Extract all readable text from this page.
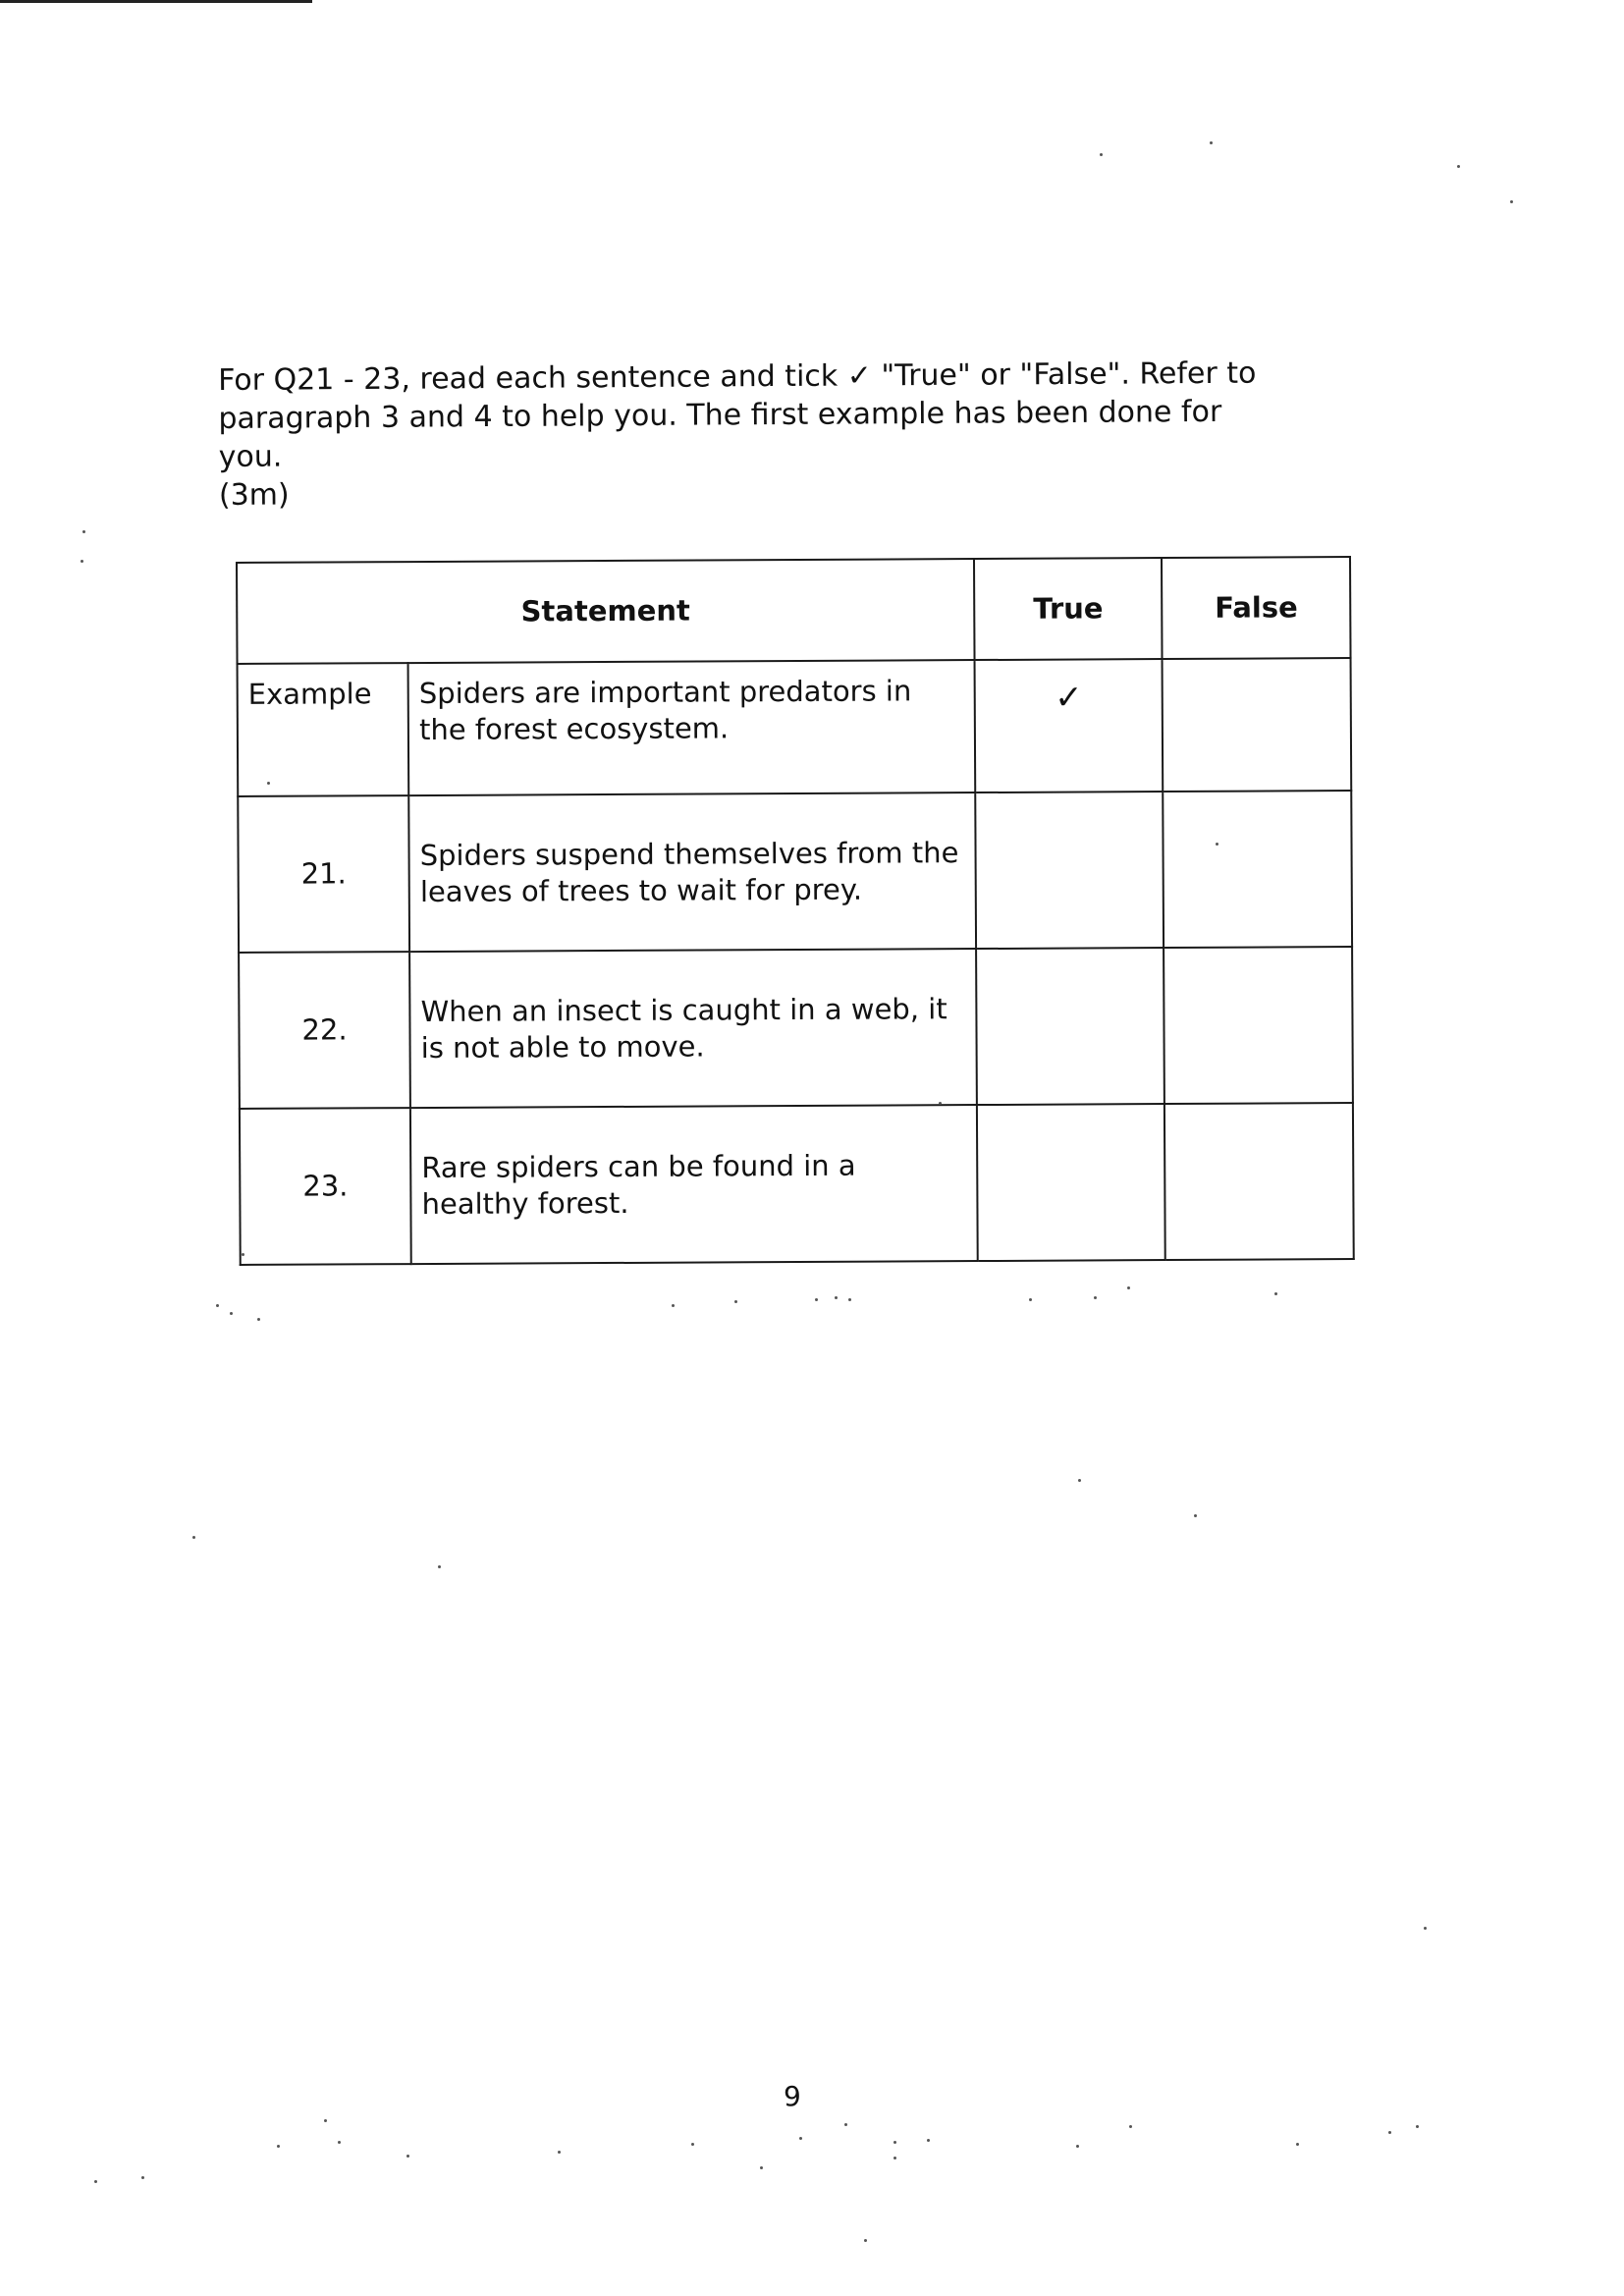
For Q21 - 23, read each sentence and tick ✓ "True" or "False". Refer to
paragraph 3 and 4 to help you. The first example has been done for you.
(3m)
Statement		True	False
Example	Spiders are important predators in the forest ecosystem.	✓	
21.	Spiders suspend themselves from the leaves of trees to wait for prey.		
22.	When an insect is caught in a web, it is not able to move.		
23.	Rare spiders can be found in a healthy forest.		
9
